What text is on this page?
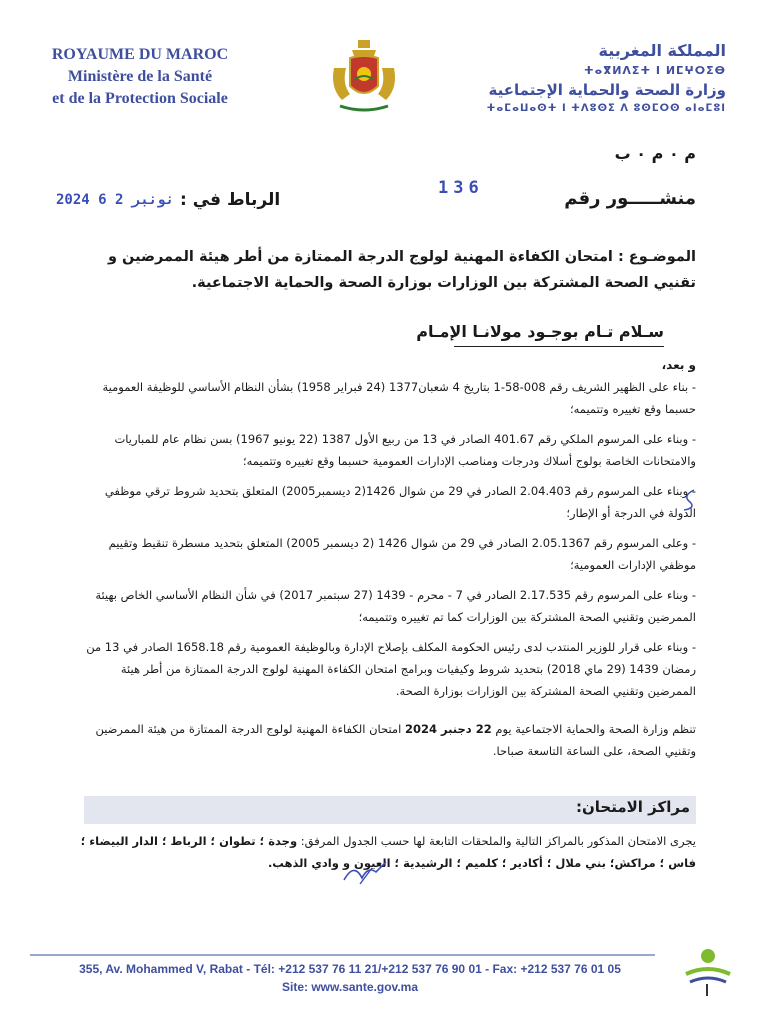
ROYAUME DU MAROC
Ministère de la Santé
et de la Protection Sociale
المملكة المغربية
ⵜⴰⴳⵍⴷⵉⵜ ⵏ ⵍⵎⵖⵔⵉⴱ
وزارة الصحة والحماية الإجتماعية
ⵜⴰⵎⴰⵡⴰⵙⵜ ⵏ ⵜⴷⵓⵙⵉ ⴷ ⵓⵙⵎⵔⵙ ⴰⵏⴰⵎⵓⵏ
م ٠ م ٠ ب
منشـــــور رقم
136
الرباط في :
2024 نونبر 2 6
الموضـوع : امتحان الكفاءة المهنية لولوج الدرجة الممتازة من أطر هيئة الممرضين و تقنيي الصحة المشتركة بين الوزارات بوزارة الصحة والحماية الاجتماعية.
سـلام تـام بوجـود مولانـا الإمـام
و بعد،

- بناء على الظهير الشريف رقم 008-58-1 بتاريخ 4 شعبان1377 (24 فبراير 1958) بشأن النظام الأساسي للوظيفة العمومية حسبما وقع تغييره وتتميمه؛

- وبناء على المرسوم الملكي رقم 401.67 الصادر في 13 من ربيع الأول 1387 (22 يونيو 1967) بسن نظام عام للمباريات والامتحانات الخاصة بولوج أسلاك ودرجات ومناصب الإدارات العمومية حسبما وقع تغييره وتتميمه؛

- وبناء على المرسوم رقم 2.04.403 الصادر في 29 من شوال 1426(2 ديسمبر2005) المتعلق بتحديد شروط ترقي موظفي الدولة في الدرجة أو الإطار؛

- وعلى المرسوم رقم 2.05.1367 الصادر في 29 من شوال 1426 (2 ديسمبر 2005) المتعلق بتحديد مسطرة تنقيط وتقييم موظفي الإدارات العمومية؛

- وبناء على المرسوم رقم 2.17.535 الصادر في 7 - محرم - 1439 (27 سبتمبر 2017) في شأن النظام الأساسي الخاص بهيئة الممرضين وتقنيي الصحة المشتركة بين الوزارات كما تم تغييره وتتميمه؛

- وبناء على قرار للوزير المنتدب لدى رئيس الحكومة المكلف بإصلاح الإدارة وبالوظيفة العمومية رقم 1658.18 الصادر في 13 من رمضان 1439 (29 ماي 2018) بتحديد شروط وكيفيات وبرامج امتحان الكفاءة المهنية لولوج الدرجة الممتازة من أطر هيئة الممرضين وتقنيي الصحة المشتركة بين الوزارات بوزارة الصحة.

تنظم وزارة الصحة والحماية الاجتماعية يوم 22 دجنبر 2024 امتحان الكفاءة المهنية لولوج الدرجة الممتازة من هيئة الممرضين وتقنيي الصحة، على الساعة التاسعة صباحا.
مراكز الامتحان:
يجرى الامتحان المذكور بالمراكز التالية والملحقات التابعة لها حسب الجدول المرفق: وجدة ؛ تطوان ؛ الرباط ؛ الدار البيضاء ؛ فاس ؛ مراكش؛ بني ملال ؛ أكادير ؛ كلميم ؛ الرشيدية ؛ العيون و وادي الذهب.
355, Av. Mohammed V, Rabat - Tél: +212 537 76 11 21/+212 537 76 90 01 - Fax: +212 537 76 01 05
Site: www.sante.gov.ma
